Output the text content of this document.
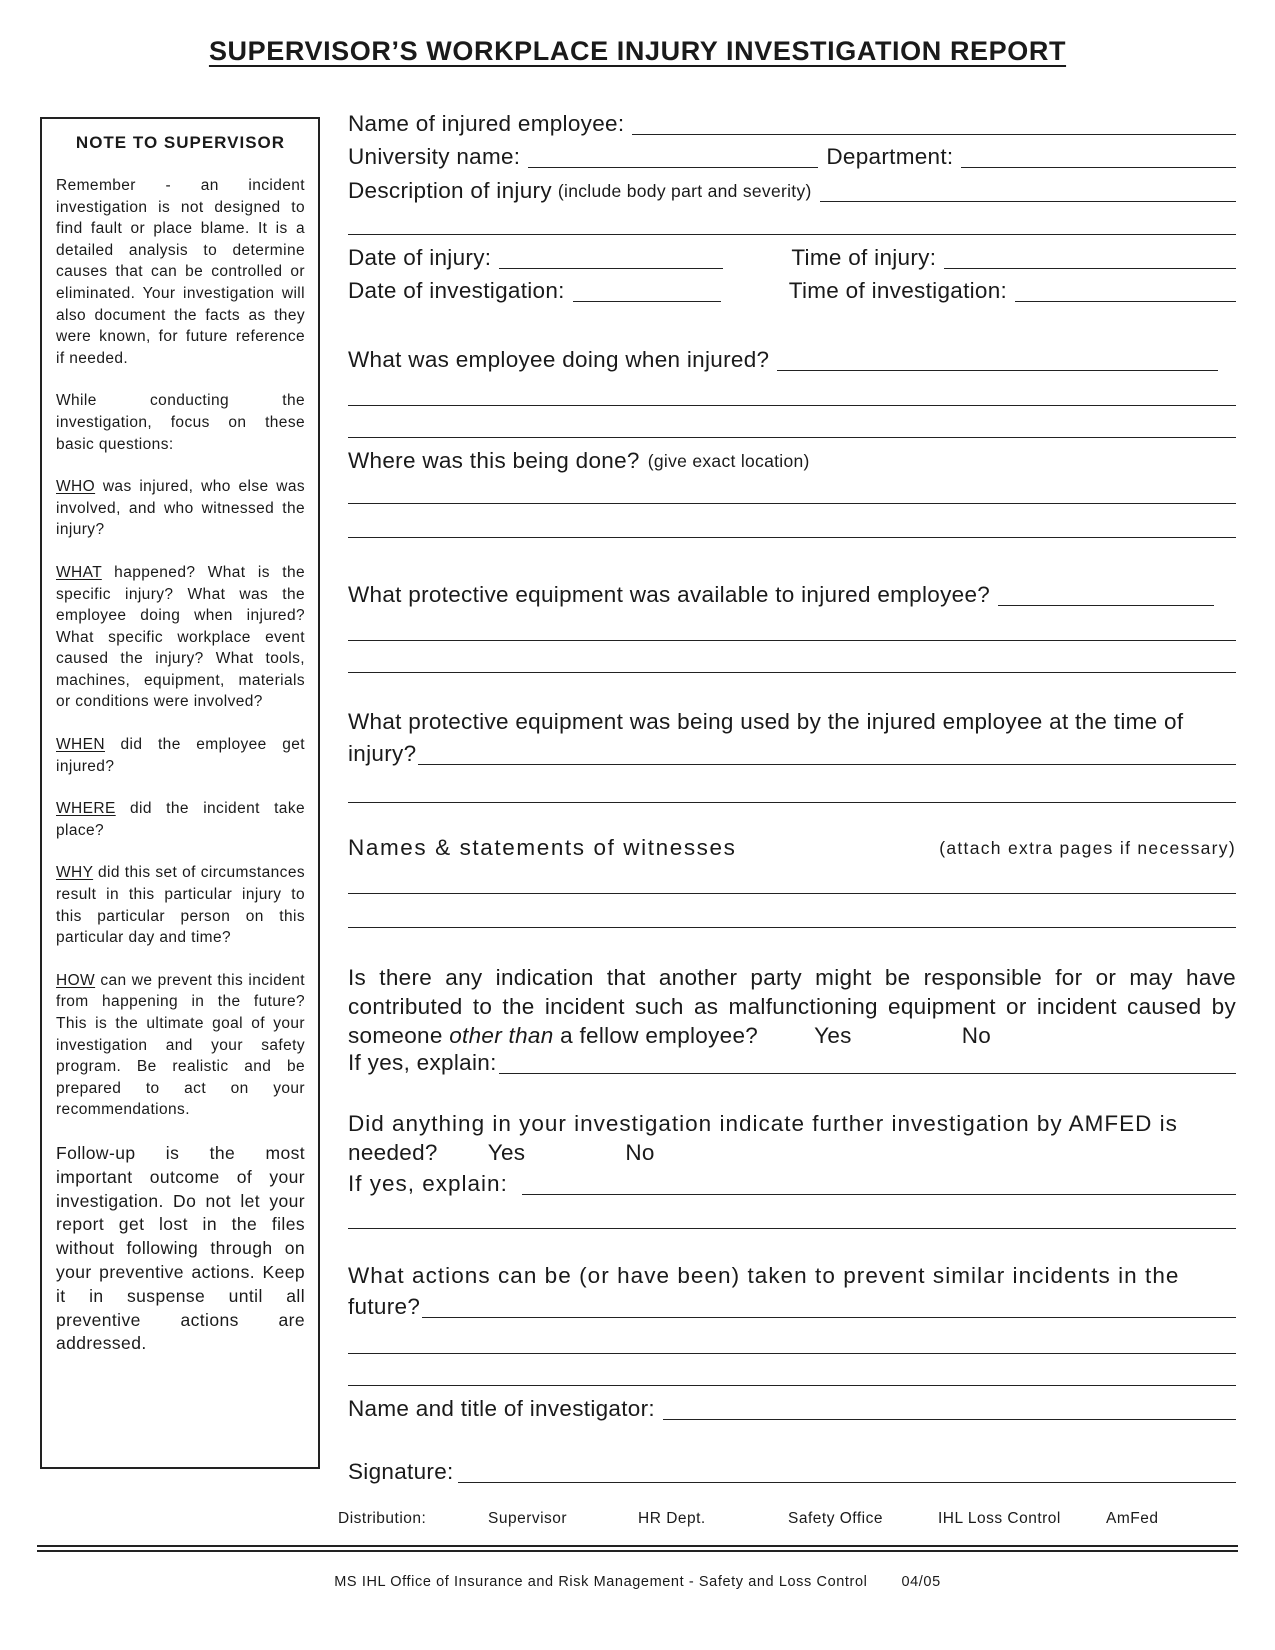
SUPERVISOR’S WORKPLACE INJURY INVESTIGATION REPORT
NOTE TO SUPERVISOR

Remember - an incident investigation is not designed to find fault or place blame. It is a detailed analysis to determine causes that can be controlled or eliminated. Your investigation will also document the facts as they were known, for future reference if needed.

While conducting the investigation, focus on these basic questions:

WHO was injured, who else was involved, and who witnessed the injury?

WHAT happened? What is the specific injury? What was the employee doing when injured? What specific workplace event caused the injury? What tools, machines, equipment, materials or conditions were involved?

WHEN did the employee get injured?

WHERE did the incident take place?

WHY did this set of circumstances result in this particular injury to this particular person on this particular day and time?

HOW can we prevent this incident from happening in the future? This is the ultimate goal of your investigation and your safety program. Be realistic and be prepared to act on your recommendations.

Follow-up is the most important outcome of your investigation. Do not let your report get lost in the files without following through on your preventive actions. Keep it in suspense until all preventive actions are addressed.

Name of injured employee:
University name:	Department:
Description of injury (include body part and severity)
Date of injury:	Time of injury:
Date of investigation:	Time of investigation:
What was employee doing when injured?
Where was this being done? (give exact location)
What protective equipment was available to injured employee?
What protective equipment was being used by the injured employee at the time of
injury?
Names & statements of witnesses	(attach extra pages if necessary)
Is there any indication that another party might be responsible for or may have contributed to the incident such as malfunctioning equipment or incident caused by someone other than a fellow employee? Yes	No
If yes, explain:
Did anything in your investigation indicate further investigation by AMFED is
needed? Yes	No
If yes, explain:
What actions can be (or have been) taken to prevent similar incidents in the
future?
Name and title of investigator:
Signature:
Distribution:	Supervisor	HR Dept.	Safety Office	IHL Loss Control	AmFed
MS IHL Office of Insurance and Risk Management - Safety and Loss Control 04/05
